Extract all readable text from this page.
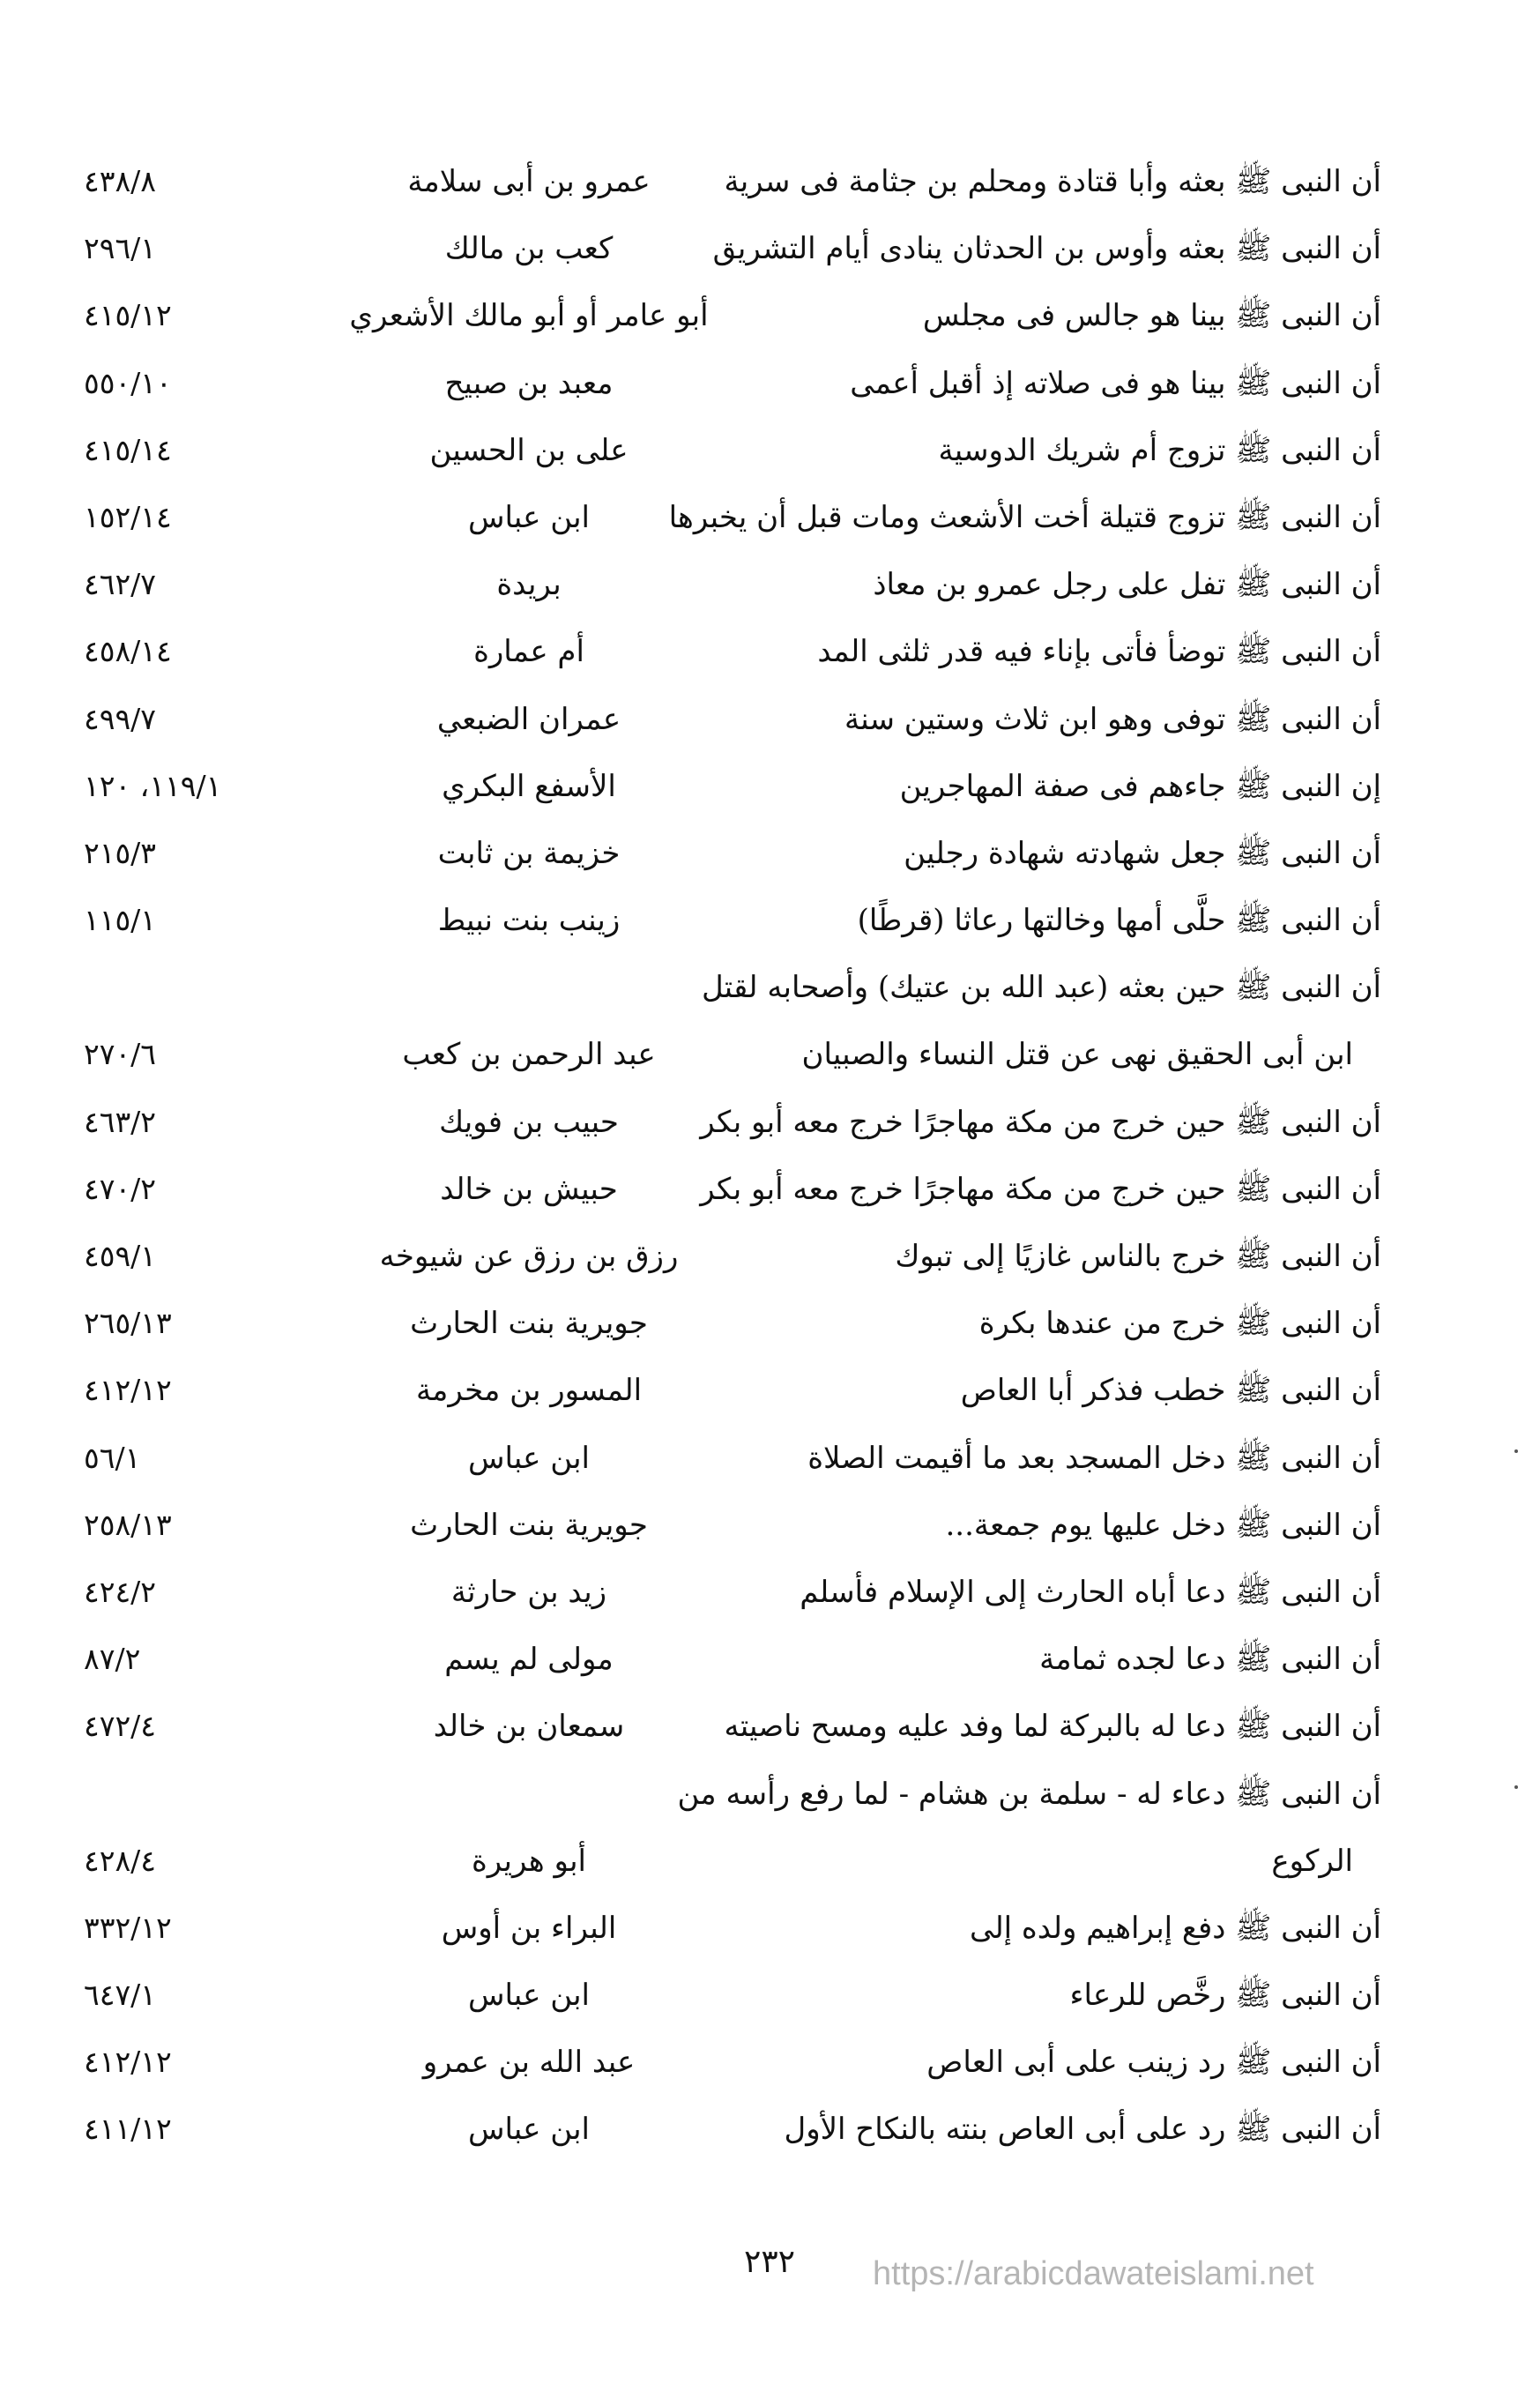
أن النبى ﷺ بعثه وأبا قتادة ومحلم بن جثامة فى سرية
عمرو بن أبى سلامة
٤٣٨/٨
أن النبى ﷺ بعثه وأوس بن الحدثان ينادى أيام التشريق
كعب بن مالك
٢٩٦/١
أن النبى ﷺ بينا هو جالس فى مجلس
أبو عامر أو أبو مالك الأشعري
٤١٥/١٢
أن النبى ﷺ بينا هو فى صلاته إذ أقبل أعمى
معبد بن صبيح
٥٥٠/١٠
أن النبى ﷺ تزوج أم شريك الدوسية
على بن الحسين
٤١٥/١٤
أن النبى ﷺ تزوج قتيلة أخت الأشعث ومات قبل أن يخبرها
ابن عباس
١٥٢/١٤
أن النبى ﷺ تفل على رجل عمرو بن معاذ
بريدة
٤٦٢/٧
أن النبى ﷺ توضأ فأتى بإناء فيه قدر ثلثى المد
أم عمارة
٤٥٨/١٤
أن النبى ﷺ توفى وهو ابن ثلاث وستين سنة
عمران الضبعي
٤٩٩/٧
إن النبى ﷺ جاءهم فى صفة المهاجرين
الأسفع البكري
١١٩/١، ١٢٠
أن النبى ﷺ جعل شهادته شهادة رجلين
خزيمة بن ثابت
٢١٥/٣
أن النبى ﷺ حلَّى أمها وخالتها رعاثا (قرطًا)
زينب بنت نبيط
١١٥/١
أن النبى ﷺ حين بعثه (عبد الله بن عتيك) وأصحابه لقتل
ابن أبى الحقيق نهى عن قتل النساء والصبيان
عبد الرحمن بن كعب
٢٧٠/٦
أن النبى ﷺ حين خرج من مكة مهاجرًا خرج معه أبو بكر
حبيب بن فويك
٤٦٣/٢
أن النبى ﷺ حين خرج من مكة مهاجرًا خرج معه أبو بكر
حبيش بن خالد
٤٧٠/٢
أن النبى ﷺ خرج بالناس غازيًا إلى تبوك
رزق بن رزق عن شيوخه
٤٥٩/١
أن النبى ﷺ خرج من عندها بكرة
جويرية بنت الحارث
٢٦٥/١٣
أن النبى ﷺ خطب فذكر أبا العاص
المسور بن مخرمة
٤١٢/١٢
أن النبى ﷺ دخل المسجد بعد ما أقيمت الصلاة
ابن عباس
٥٦/١
أن النبى ﷺ دخل عليها يوم جمعة...
جويرية بنت الحارث
٢٥٨/١٣
أن النبى ﷺ دعا أباه الحارث إلى الإسلام فأسلم
زيد بن حارثة
٤٢٤/٢
أن النبى ﷺ دعا لجده ثمامة
مولى لم يسم
٨٧/٢
أن النبى ﷺ دعا له بالبركة لما وفد عليه ومسح ناصيته
سمعان بن خالد
٤٧٢/٤
أن النبى ﷺ دعاء له - سلمة بن هشام - لما رفع رأسه من
الركوع
أبو هريرة
٤٢٨/٤
أن النبى ﷺ دفع إبراهيم ولده إلى
البراء بن أوس
٣٣٢/١٢
أن النبى ﷺ رخَّص للرعاء
ابن عباس
٦٤٧/١
أن النبى ﷺ رد زينب على أبى العاص
عبد الله بن عمرو
٤١٢/١٢
أن النبى ﷺ رد على أبى العاص بنته بالنكاح الأول
ابن عباس
٤١١/١٢
٢٣٢	https://arabicdawateislami.net
